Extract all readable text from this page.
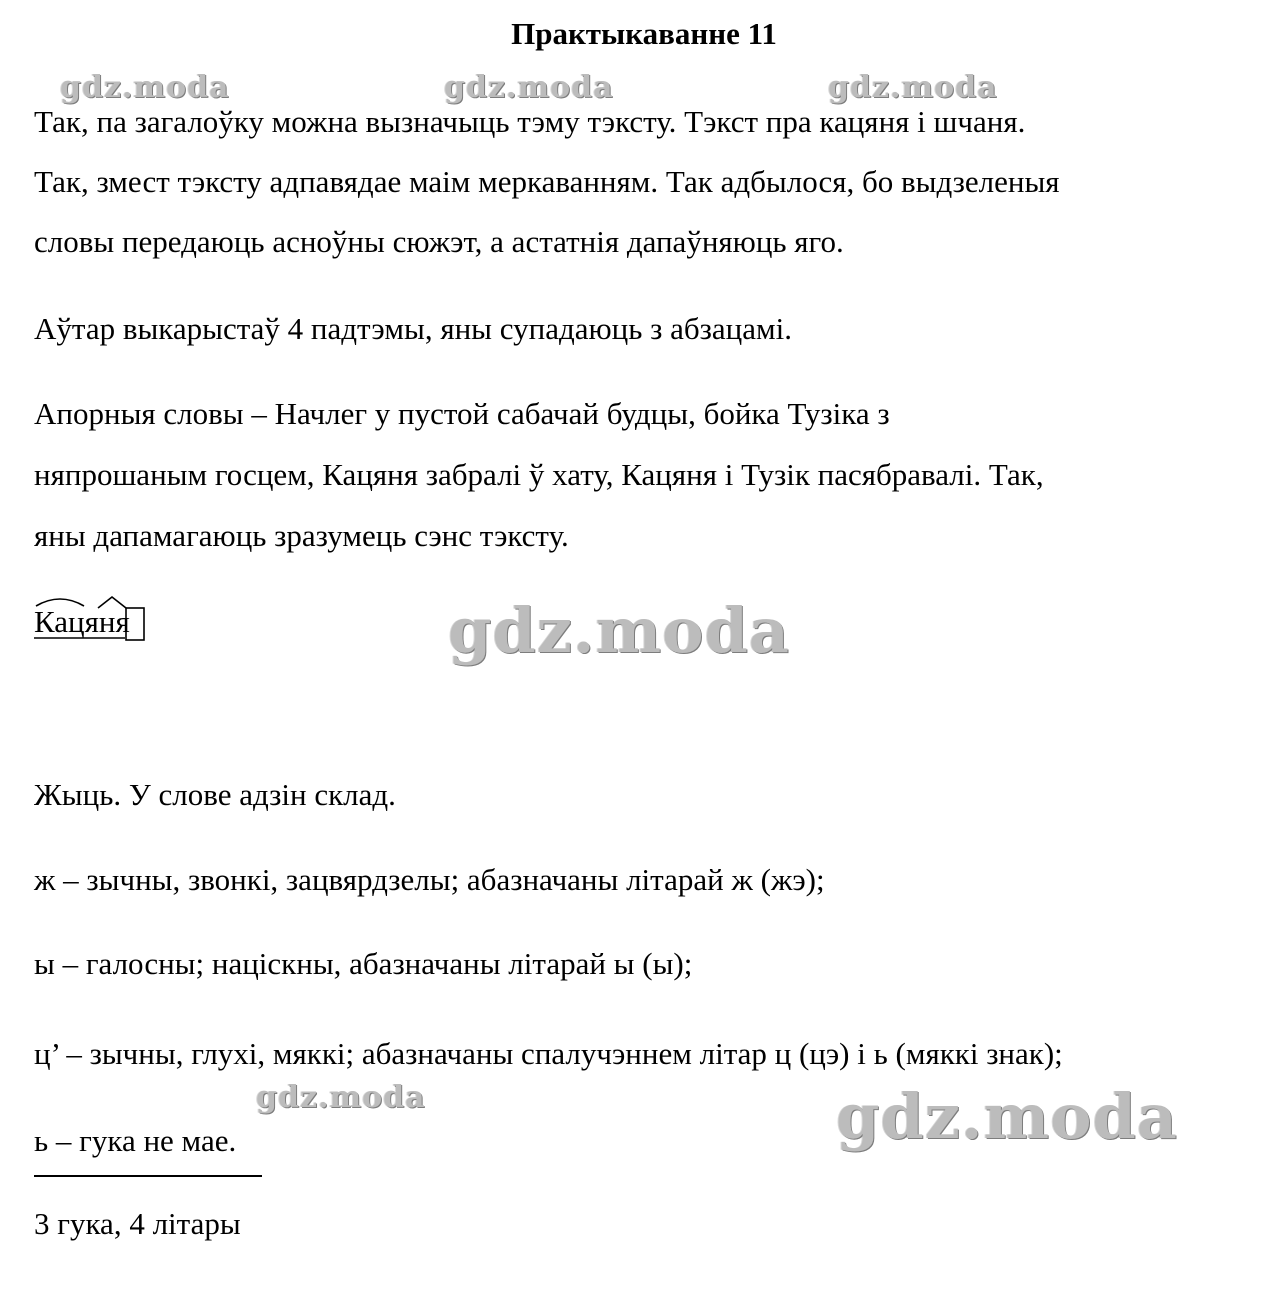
Практыкаванне 11
gdz.moda	gdz.moda	gdz.moda
Так, па загалоўку можна вызначыць тэму тэксту. Тэкст пра кацяня і шчаня.
Так, змест тэксту адпавядае маім меркаванням. Так адбылося, бо выдзеленыя
словы передаюць асноўны сюжэт, а астатнія дапаўняюць яго.
Аўтар выкарыстаў 4 падтэмы, яны супадаюць з абзацамі.
Апорныя словы – Начлег у пустой сабачай будцы, бойка Тузіка з
няпрошаным госцем, Кацяня забралі ў хату, Кацяня і Тузік пасябравалі. Так,
яны дапамагаюць зразумець сэнс тэксту.
Кацяня	gdz.moda
Жыць. У слове адзін склад.
ж – зычны, звонкі, зацвярдзелы; абазначаны літарай ж (жэ);
ы – галосны; націскны, абазначаны літарай ы (ы);
ц’ – зычны, глухі, мяккі; абазначаны спалучэннем літар ц (цэ) і ь (мяккі знак);
gdz.moda	gdz.moda
ь – гука не мае.
3 гука, 4 літары
